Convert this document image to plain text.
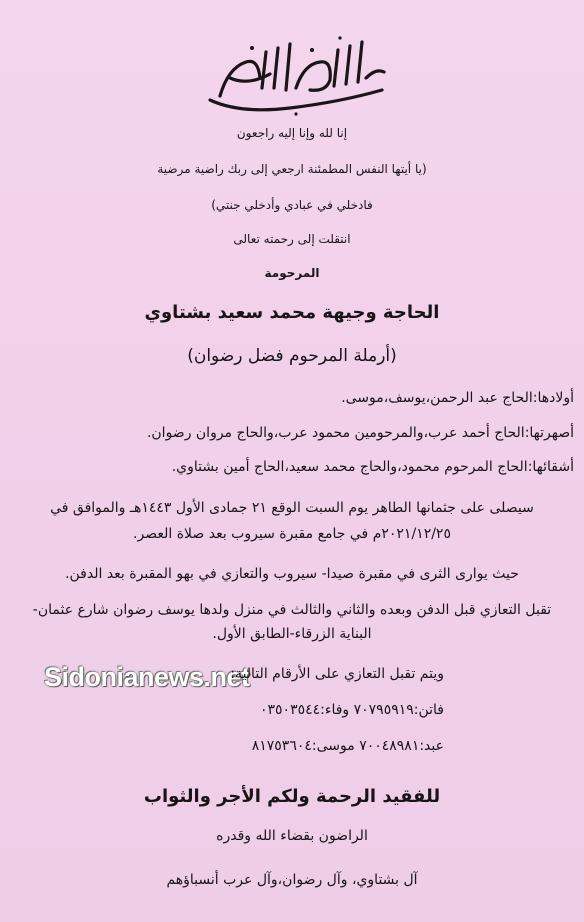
إنا لله وإنا إليه راجعون
(يا أيتها النفس المطمئنة ارجعي إلى ربك راضية مرضية
فادخلي في عبادي وأدخلي جنتي)
انتقلت إلى رحمته تعالى
المرحومة
الحاجة وجيهة محمد سعيد بشتاوي
(أرملة المرحوم فضل رضوان)
أولادها:الحاج عبد الرحمن،يوسف،موسى.
أصهرتها:الحاج أحمد عرب،والمرحومين محمود عرب،والحاج مروان رضوان.
أشقائها:الحاج المرحوم محمود،والحاج محمد سعيد،الحاج أمين بشتاوي.
سيصلى على جثمانها الطاهر يوم السبت الوقع ٢١ جمادى الأول ١٤٤٣هـ والموافق في
٢٠٢١/١٢/٢٥م في جامع مقبرة سيروب بعد صلاة العصر.
حيث يوارى الثرى في مقبرة صيدا- سيروب والتعازي في بهو المقبرة بعد الدفن.
تقبل التعازي قبل الدفن وبعده والثاني والثالث في منزل ولدها يوسف رضوان شارع عثمان-
البناية الزرقاء-الطابق الأول.
Sidonianews.net
ويتم تقبل التعازي على الأرقام التالية:
فاتن:٧٠٧٩٥٩١٩ وفاء:٠٣٥٠٣٥٤٤
عبد:٧٠٠٤٨٩٨١ موسى:٨١٧٥٣٦٠٤
للفقيد الرحمة ولكم الأجر والثواب
الراضون بقضاء الله وقدره
آل بشتاوي، وآل رضوان،وآل عرب أنسباؤهم
